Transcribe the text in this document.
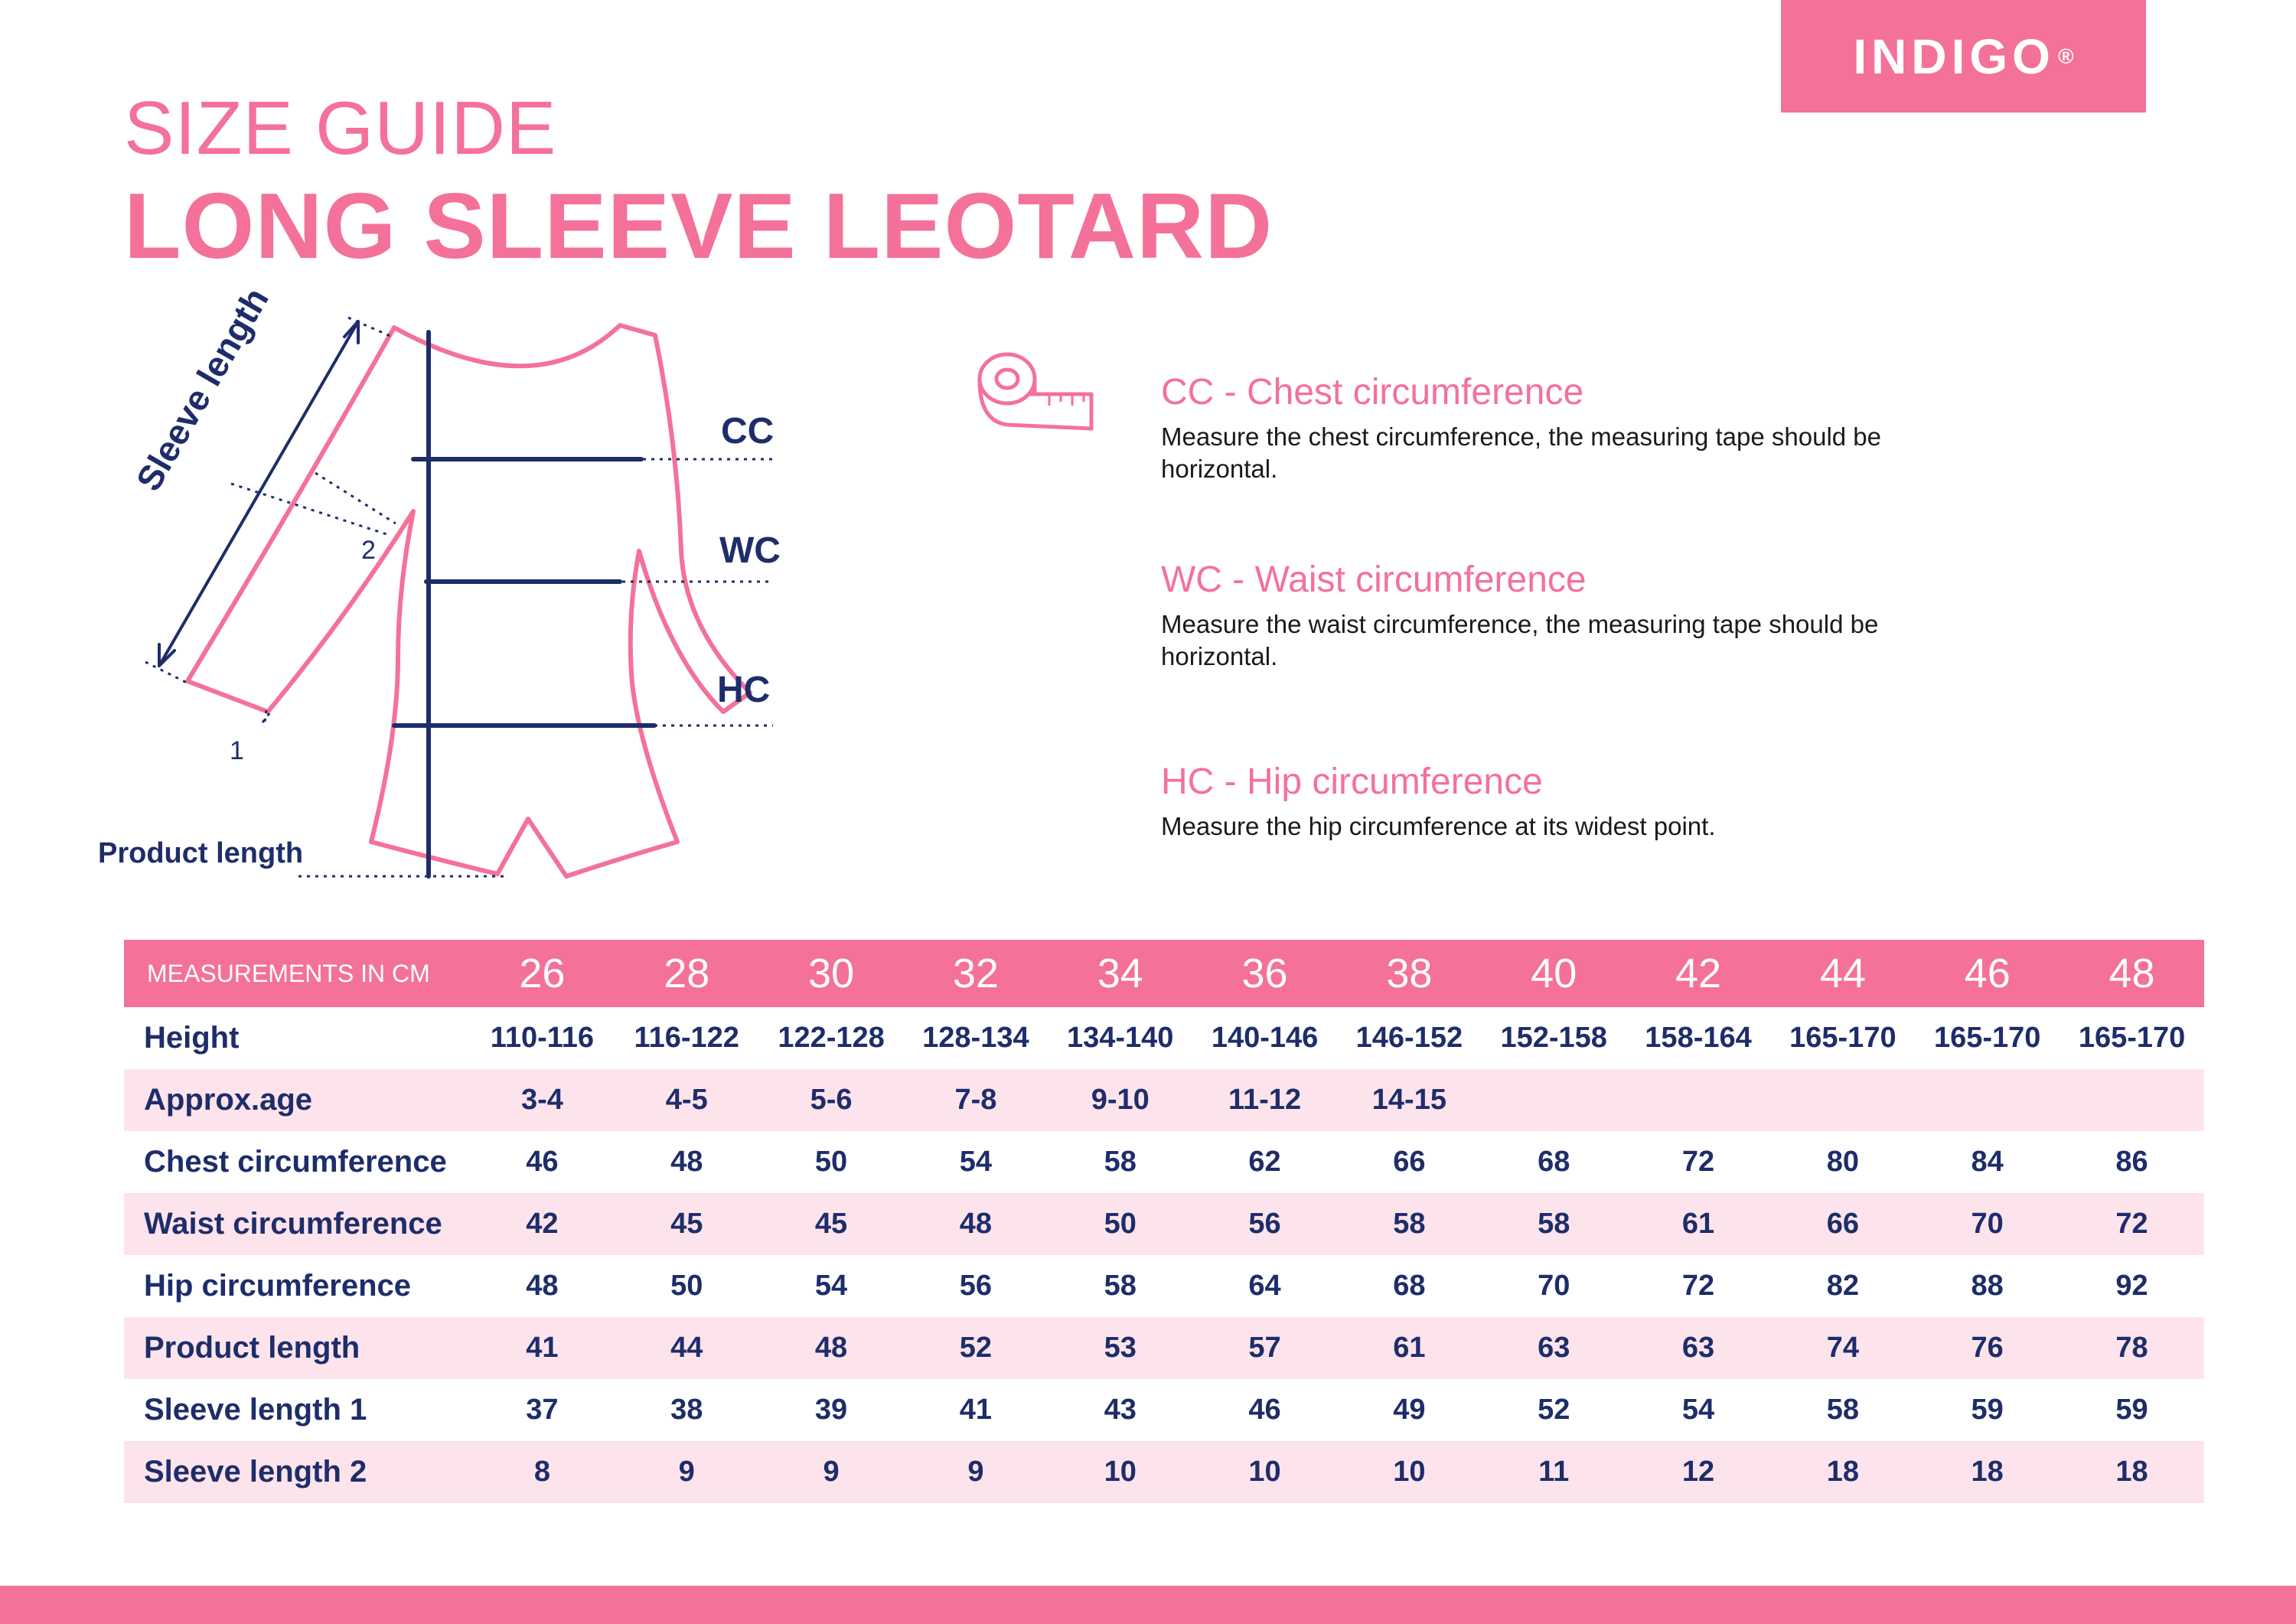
INDIGO ®
SIZE GUIDE
LONG SLEEVE LEOTARD

Sleeve length

1

2

CC

WC

HC

Product length

CC - Chest circumference

Measure the chest circumference, the measuring tape should be horizontal.

WC - Waist circumference

Measure the waist circumference, the measuring tape should be horizontal.

HC - Hip circumference

Measure the hip circumference at its widest point.

MEASUREMENTS IN CM	26	28	30	32	34	36	38	40	42	44	46	48
Height	110-116	116-122	122-128	128-134	134-140	140-146	146-152	152-158	158-164	165-170	165-170	165-170
Approx.age	3-4	4-5	5-6	7-8	9-10	11-12	14-15					
Chest circumference	46	48	50	54	58	62	66	68	72	80	84	86
Waist circumference	42	45	45	48	50	56	58	58	61	66	70	72
Hip circumference	48	50	54	56	58	64	68	70	72	82	88	92
Product length	41	44	48	52	53	57	61	63	63	74	76	78
Sleeve length 1	37	38	39	41	43	46	49	52	54	58	59	59
Sleeve length 2	8	9	9	9	10	10	10	11	12	18	18	18
